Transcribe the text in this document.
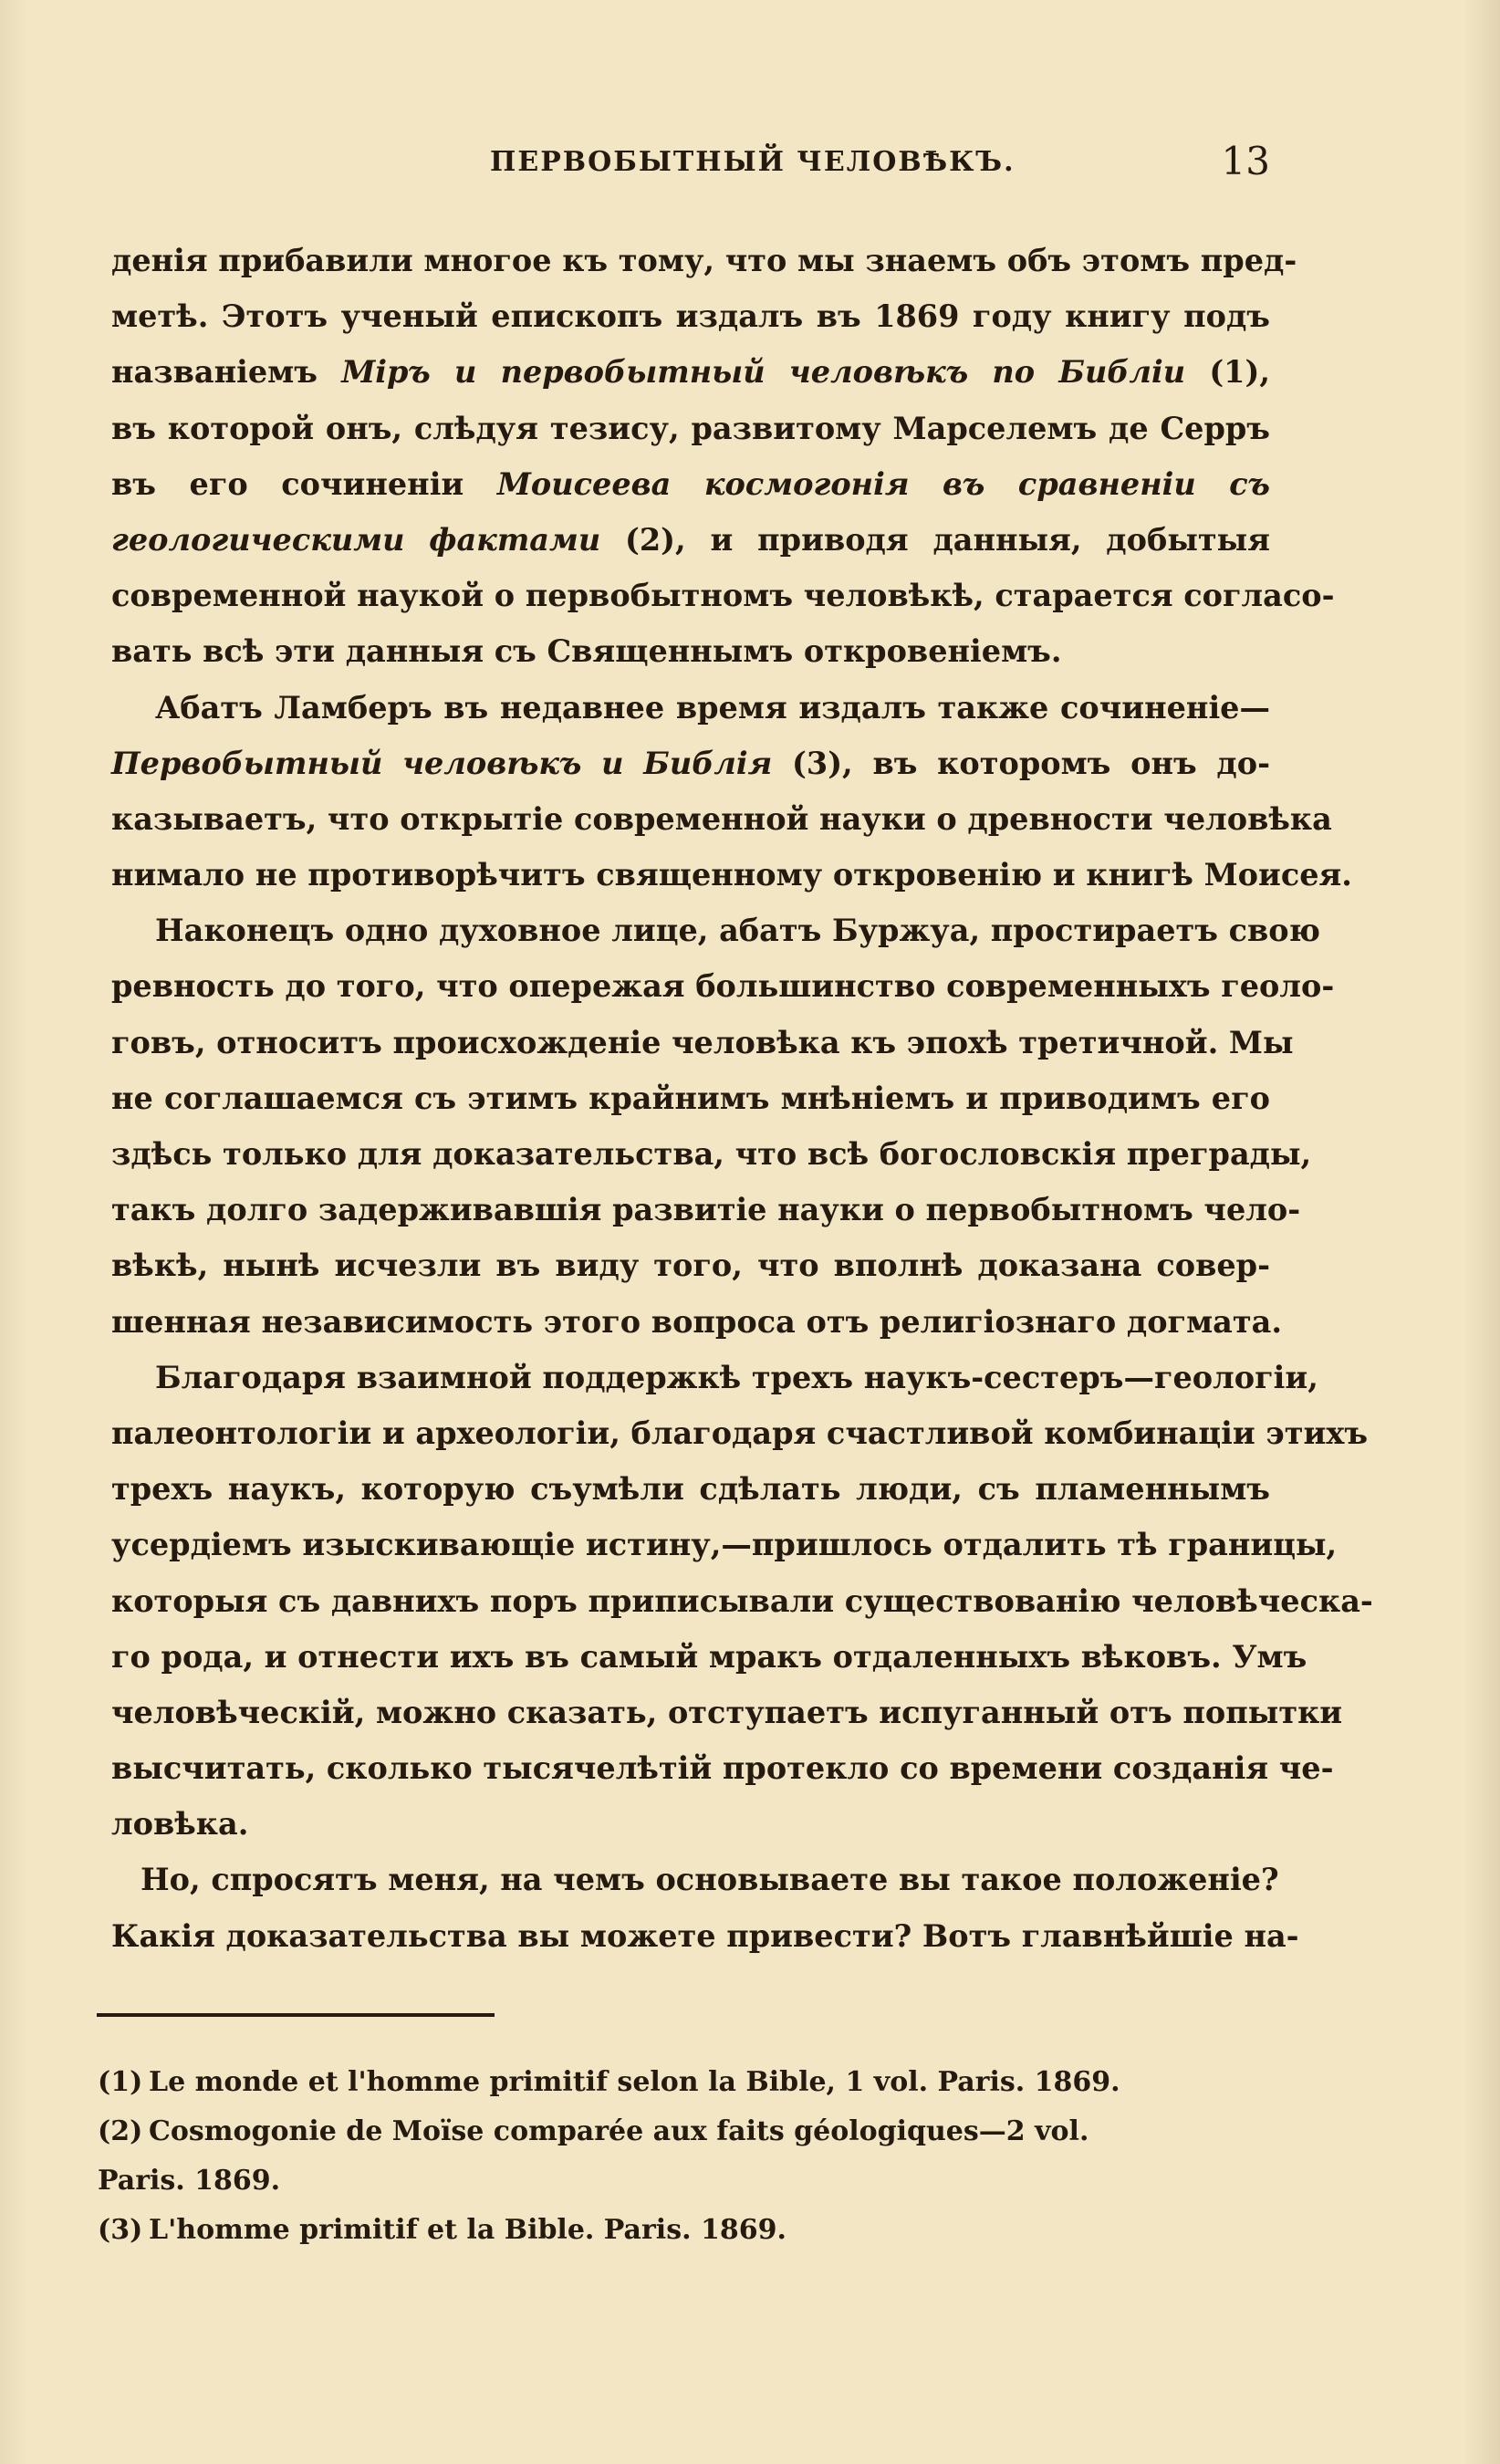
ПЕРВОБЫТНЫЙ ЧЕЛОВѢКЪ.	13
денія прибавили многое къ тому, что мы знаемъ объ этомъ пред-
метѣ. Этотъ ученый епископъ издалъ въ 1869 году книгу подъ
названіемъ Міръ и первобытный человѣкъ по Библіи (1),
въ которой онъ, слѣдуя тезису, развитому Марселемъ де Серръ
въ его сочиненіи Моисеева космогонія въ сравненіи съ
геологическими фактами (2), и приводя данныя, добытыя
современной наукой о первобытномъ человѣкѣ, старается согласо-
вать всѣ эти данныя съ Священнымъ откровеніемъ.
Абатъ Ламберъ въ недавнее время издалъ также сочиненіе—
Первобытный человѣкъ и Библія (3), въ которомъ онъ до-
казываетъ, что открытіе современной науки о древности человѣка
нимало не противорѣчитъ священному откровенію и книгѣ Моисея.
Наконецъ одно духовное лице, абатъ Буржуа, простираетъ свою
ревность до того, что опережая большинство современныхъ геоло-
говъ, относитъ происхожденіе человѣка къ эпохѣ третичной. Мы
не соглашаемся съ этимъ крайнимъ мнѣніемъ и приводимъ его
здѣсь только для доказательства, что всѣ богословскія преграды,
такъ долго задерживавшія развитіе науки о первобытномъ чело-
вѣкѣ, нынѣ исчезли въ виду того, что вполнѣ доказана совер-
шенная независимость этого вопроса отъ религіознаго догмата.
Благодаря взаимной поддержкѣ трехъ наукъ-сестеръ—геологіи,
палеонтологіи и археологіи, благодаря счастливой комбинаціи этихъ
трехъ наукъ, которую съумѣли сдѣлать люди, съ пламеннымъ
усердіемъ изыскивающіе истину,—пришлось отдалить тѣ границы,
которыя съ давнихъ поръ приписывали существованію человѣческа-
го рода, и отнести ихъ въ самый мракъ отдаленныхъ вѣковъ. Умъ
человѣческій, можно сказать, отступаетъ испуганный отъ попытки
высчитать, сколько тысячелѣтій протекло со времени созданія че-
ловѣка.
Но, спросятъ меня, на чемъ основываете вы такое положеніе?
Какія доказательства вы можете привести? Вотъ главнѣйшіе на-
(1) Le monde et l'homme primitif selon la Bible, 1 vol. Paris. 1869.
(2) Cosmogonie de Moïse comparée aux faits géologiques—2 vol.
Paris. 1869.
(3) L'homme primitif et la Bible. Paris. 1869.
